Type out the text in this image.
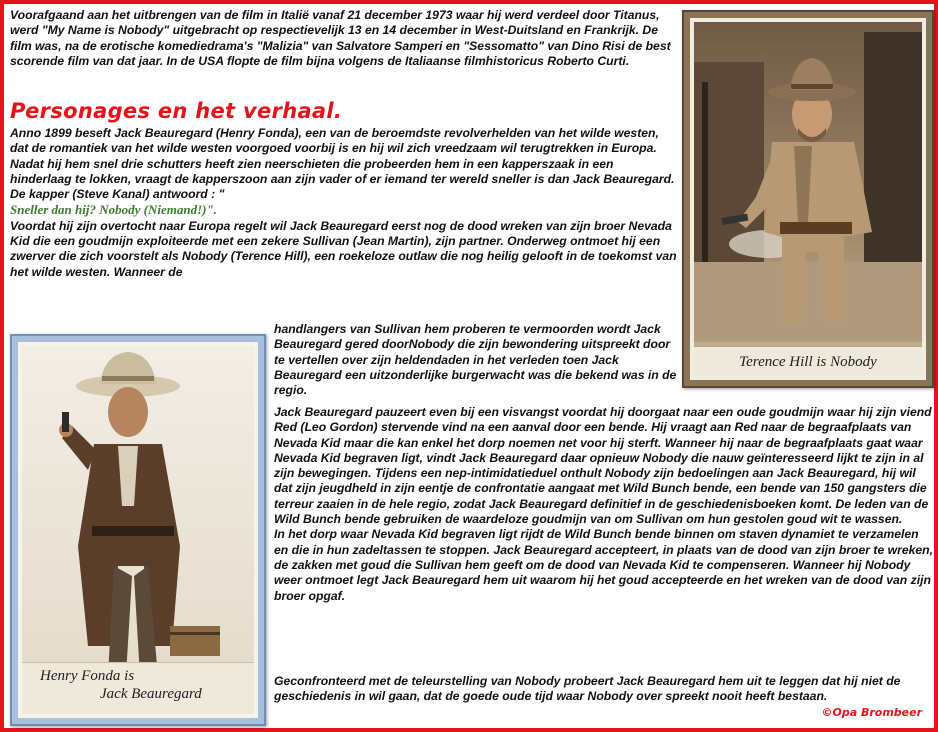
Voorafgaand aan het uitbrengen van de film in Italië vanaf 21 december 1973 waar hij werd verdeel door Titanus, werd "My Name is Nobody" uitgebracht op respectievelijk 13 en 14 december in West-Duitsland en Frankrijk. De film was, na de erotische komediedrama's "Malizia" van Salvatore Samperi en "Sessomatto" van Dino Risi de best scorende film van dat jaar. In de USA flopte de film bijna volgens de Italiaanse filmhistoricus Roberto Curti.

Personages en het verhaal.

Anno 1899 beseft Jack Beauregard (Henry Fonda), een van de beroemdste revolverhelden van het wilde westen, dat de romantiek van het wilde westen voorgoed voorbij is en hij wil zich vreedzaam wil terugtrekken in Europa.

Nadat hij hem snel drie schutters heeft zien neerschieten die probeerden hem in een kapperszaak in een hinderlaag te lokken, vraagt de kapperszoon aan zijn vader of er iemand ter wereld sneller is dan Jack Beauregard. De kapper (Steve Kanal) antwoord : "
Sneller dan hij? Nobody (Niemand!)".

Voordat hij zijn overtocht naar Europa regelt wil Jack Beauregard eerst nog de dood wreken van zijn broer Nevada Kid die een goudmijn exploiteerde met een zekere Sullivan (Jean Martin), zijn partner. Onderweg ontmoet hij een zwerver die zich voorstelt als Nobody (Terence Hill), een roekeloze outlaw die nog heilig gelooft in de toekomst van het wilde westen. Wanneer de

handlangers van Sullivan hem proberen te vermoorden wordt Jack Beauregard gered doorNobody die zijn bewondering uitspreekt door te vertellen over zijn heldendaden in het verleden toen Jack Beauregard een uitzonderlijke burgerwacht was die bekend was in de regio.

Jack Beauregard pauzeert even bij een visvangst voordat hij doorgaat naar een oude goudmijn waar hij zijn viend Red (Leo Gordon) stervende vind na een aanval door een bende. Hij vraagt aan Red naar de begraafplaats van Nevada Kid maar die kan enkel het dorp noemen net voor hij sterft. Wanneer hij naar de begraafplaats gaat waar Nevada Kid begraven ligt, vindt Jack Beauregard daar opnieuw Nobody die nauw geïnteresseerd lijkt te zijn in al zijn bewegingen. Tijdens een nep-intimidatieduel onthult Nobody zijn bedoelingen aan Jack Beauregard, hij wil dat zijn jeugdheld in zijn eentje de confrontatie aangaat met Wild Bunch bende, een bende van 150 gangsters die terreur zaaien in de hele regio, zodat Jack Beauregard definitief in de geschiedenisboeken komt. De leden van de Wild Bunch bende gebruiken de waardeloze goudmijn van om Sullivan om hun gestolen goud wit te wassen.

In het dorp waar Nevada Kid begraven ligt rijdt de Wild Bunch bende binnen om staven dynamiet te verzamelen en die in hun zadeltassen te stoppen. Jack Beauregard accepteert, in plaats van de dood van zijn broer te wreken, de zakken met goud die Sullivan hem geeft om de dood van Nevada Kid te compenseren. Wanneer hij Nobody weer ontmoet legt Jack Beauregard hem uit waarom hij het goud accepteerde en het wreken van de dood van zijn broer opgaf.

Geconfronteerd met de teleurstelling van Nobody probeert Jack Beauregard hem uit te leggen dat hij niet de geschiedenis in wil gaan, dat de goede oude tijd waar Nobody over spreekt nooit heeft bestaan.

©Opa Brombeer
Terence Hill is Nobody
Henry Fonda is
Jack Beauregard
